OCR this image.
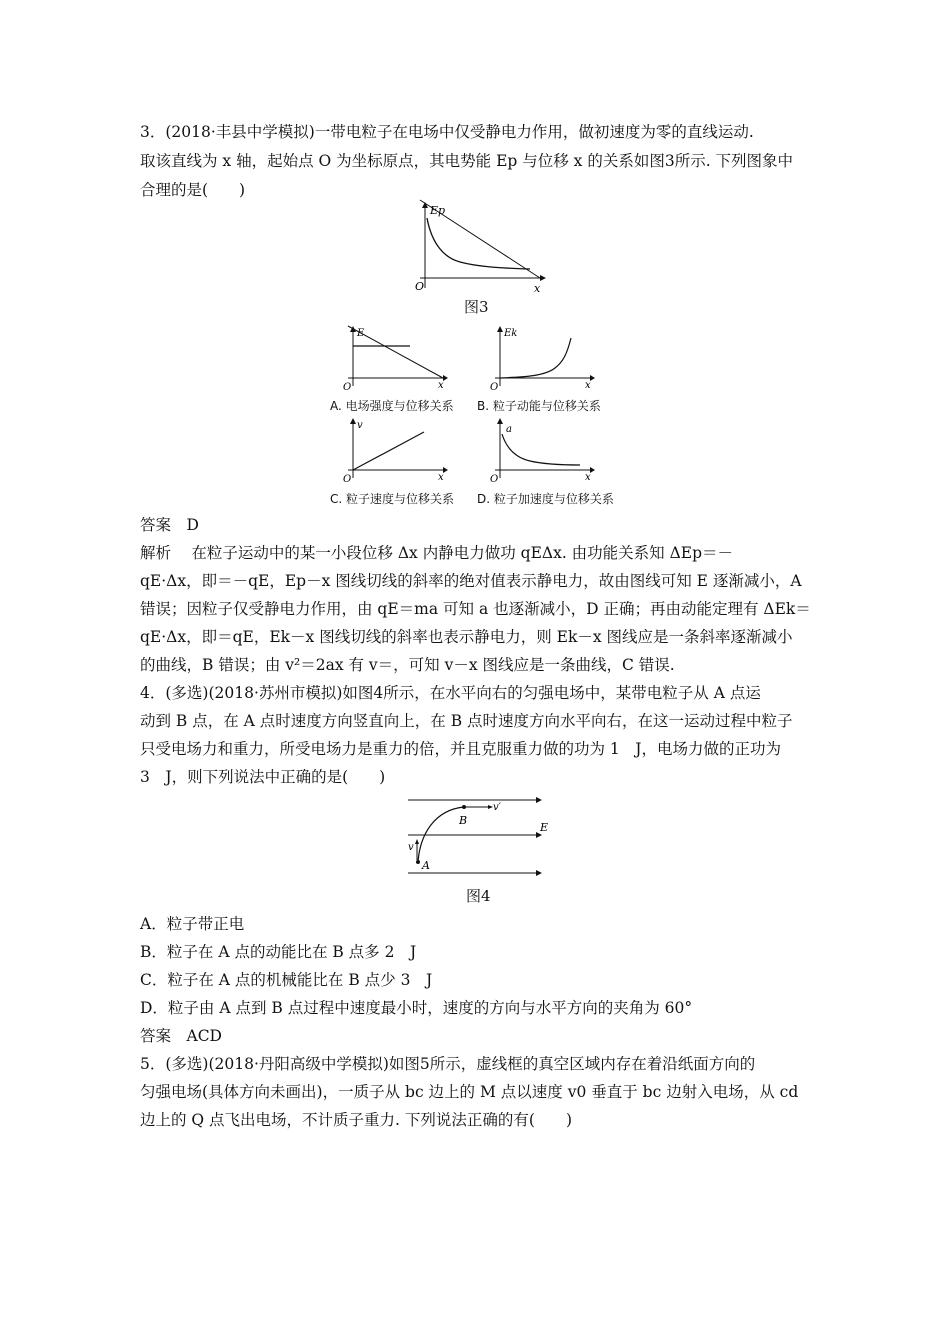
3．(2018·丰县中学模拟)一带电粒子在电场中仅受静电力作用，做初速度为零的直线运动.
取该直线为 x 轴，起始点 O 为坐标原点，其电势能 Ep 与位移 x 的关系如图3所示. 下列图象中
合理的是(　　)
Ep
O	x
图3
E
O	x
A. 电场强度与位移关系
Ek
O	x
B. 粒子动能与位移关系
v
O	x
C. 粒子速度与位移关系
a
O	x
D. 粒子加速度与位移关系
答案　D
解析　 在粒子运动中的某一小段位移 Δx 内静电力做功 qEΔx. 由功能关系知 ΔEp＝－
qE·Δx，即＝－qE，Ep－x 图线切线的斜率的绝对值表示静电力，故由图线可知 E 逐渐减小，A
错误；因粒子仅受静电力作用，由 qE＝ma 可知 a 也逐渐减小，D 正确；再由动能定理有 ΔEk＝
qE·Δx，即＝qE，Ek－x 图线切线的斜率也表示静电力，则 Ek－x 图线应是一条斜率逐渐减小
的曲线，B 错误；由 v²＝2ax 有 v＝，可知 v－x 图线应是一条曲线，C 错误.
4．(多选)(2018·苏州市模拟)如图4所示，在水平向右的匀强电场中，某带电粒子从 A 点运
动到 B 点，在 A 点时速度方向竖直向上，在 B 点时速度方向水平向右，在这一运动过程中粒子
只受电场力和重力，所受电场力是重力的倍，并且克服重力做的功为 1　J，电场力做的正功为
3　J，则下列说法中正确的是(　　)
B
v′
v
A
E
图4
A．粒子带正电
B．粒子在 A 点的动能比在 B 点多 2　J
C．粒子在 A 点的机械能比在 B 点少 3　J
D．粒子由 A 点到 B 点过程中速度最小时，速度的方向与水平方向的夹角为 60°
答案　ACD
5．(多选)(2018·丹阳高级中学模拟)如图5所示，虚线框的真空区域内存在着沿纸面方向的
匀强电场(具体方向未画出)，一质子从 bc 边上的 M 点以速度 v0 垂直于 bc 边射入电场，从 cd
边上的 Q 点飞出电场，不计质子重力. 下列说法正确的有(　　)
